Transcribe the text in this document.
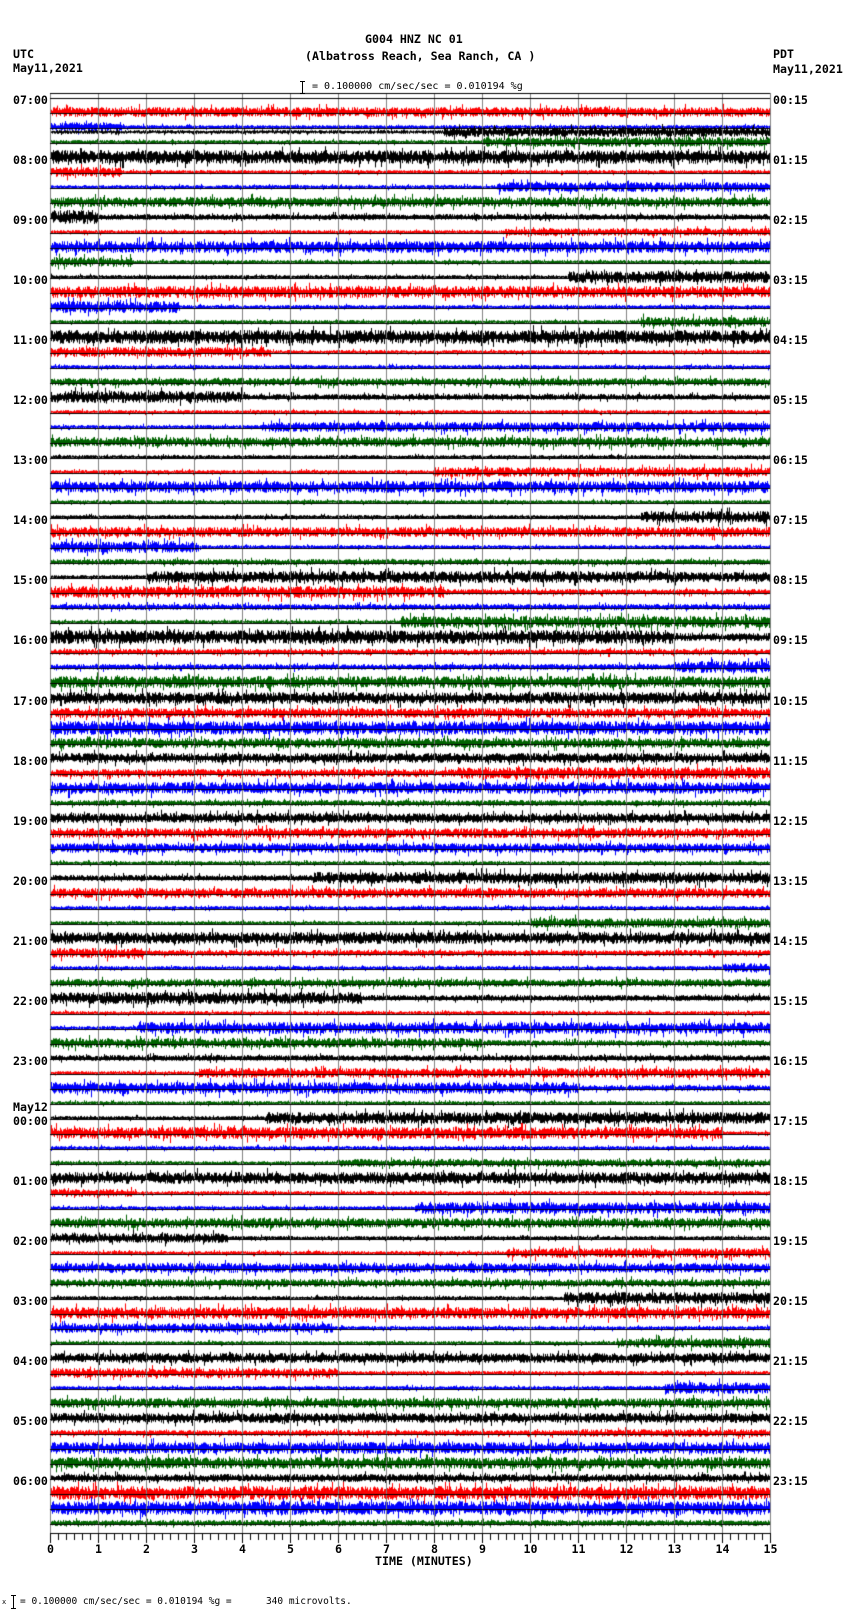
G004 HNZ NC 01
(Albatross Reach, Sea Ranch, CA )
= 0.100000 cm/sec/sec = 0.010194 %g
UTC
May11,2021
PDT
May11,2021
07:00	00:15
08:00	01:15
09:00	02:15
10:00	03:15
11:00	04:15
12:00	05:15
13:00	06:15
14:00	07:15
15:00	08:15
16:00	09:15
17:00	10:15
18:00	11:15
19:00	12:15
20:00	13:15
21:00	14:15
22:00	15:15
23:00	16:15
00:00	17:15
May12
01:00	18:15
02:00	19:15
03:00	20:15
04:00	21:15
05:00	22:15
06:00	23:15
0	1	2	3	4	5	6	7	8	9	10	11	12	13	14	15
TIME (MINUTES)
x = 0.100000 cm/sec/sec = 0.010194 %g =      340 microvolts.
